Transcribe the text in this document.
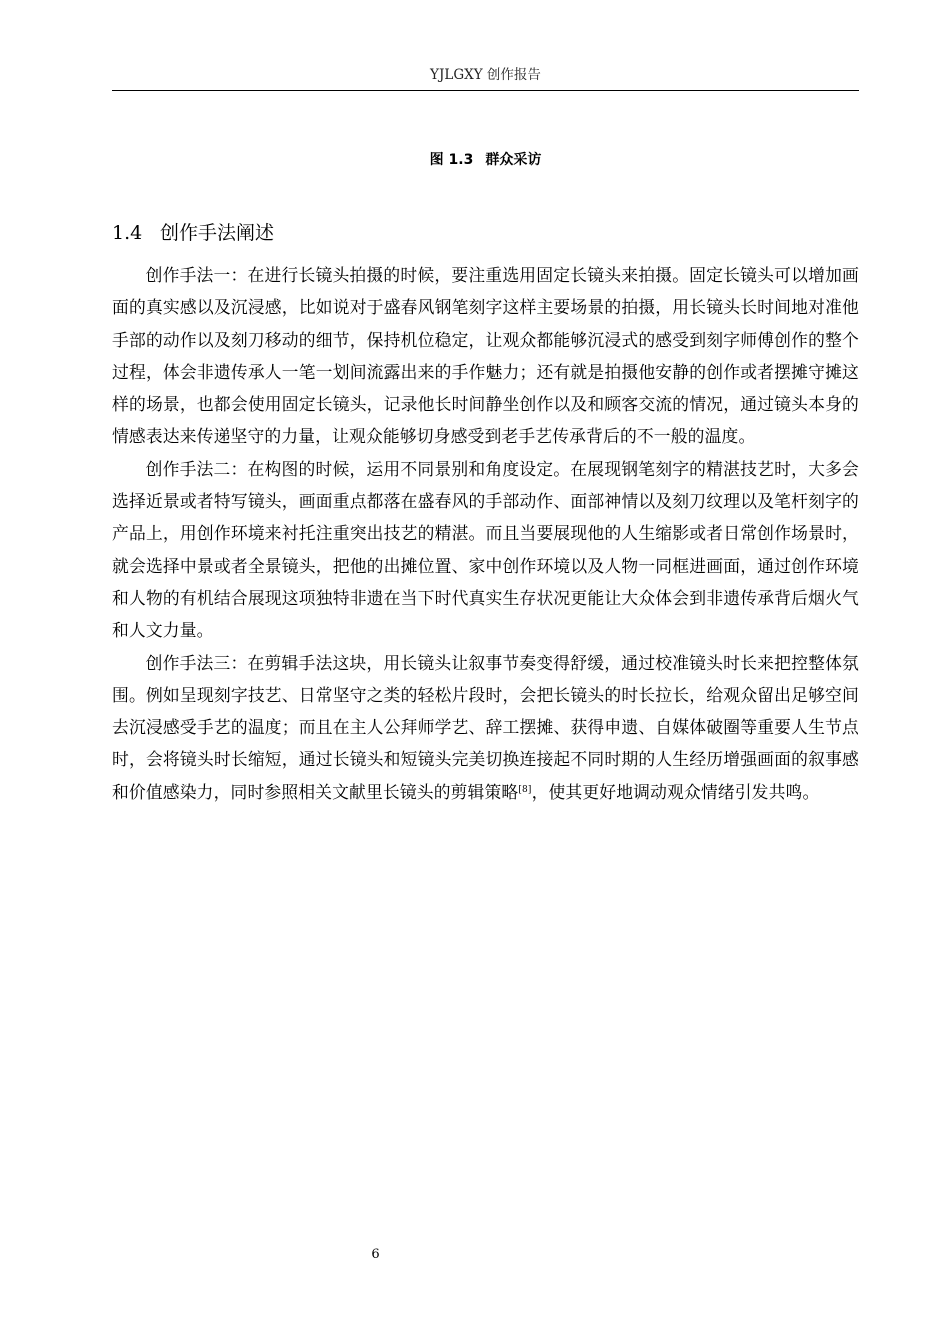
YJLGXY 创作报告
图 1.3 群众采访
1.4 创作手法阐述

创作手法一：在进行长镜头拍摄的时候，要注重选用固定长镜头来拍摄。固定长镜头可以增加画面的真实感以及沉浸感，比如说对于盛春风钢笔刻字这样主要场景的拍摄，用长镜头长时间地对准他手部的动作以及刻刀移动的细节，保持机位稳定，让观众都能够沉浸式的感受到刻字师傅创作的整个过程，体会非遗传承人一笔一划间流露出来的手作魅力；还有就是拍摄他安静的创作或者摆摊守摊这样的场景，也都会使用固定长镜头，记录他长时间静坐创作以及和顾客交流的情况，通过镜头本身的情感表达来传递坚守的力量，让观众能够切身感受到老手艺传承背后的不一般的温度。

创作手法二：在构图的时候，运用不同景别和角度设定。在展现钢笔刻字的精湛技艺时，大多会选择近景或者特写镜头，画面重点都落在盛春风的手部动作、面部神情以及刻刀纹理以及笔杆刻字的产品上，用创作环境来衬托注重突出技艺的精湛。而且当要展现他的人生缩影或者日常创作场景时，就会选择中景或者全景镜头，把他的出摊位置、家中创作环境以及人物一同框进画面，通过创作环境和人物的有机结合展现这项独特非遗在当下时代真实生存状况更能让大众体会到非遗传承背后烟火气和人文力量。

创作手法三：在剪辑手法这块，用长镜头让叙事节奏变得舒缓，通过校准镜头时长来把控整体氛围。例如呈现刻字技艺、日常坚守之类的轻松片段时，会把长镜头的时长拉长，给观众留出足够空间去沉浸感受手艺的温度；而且在主人公拜师学艺、辞工摆摊、获得申遗、自媒体破圈等重要人生节点时，会将镜头时长缩短，通过长镜头和短镜头完美切换连接起不同时期的人生经历增强画面的叙事感和价值感染力，同时参照相关文献里长镜头的剪辑策略[8]，使其更好地调动观众情绪引发共鸣。

6
